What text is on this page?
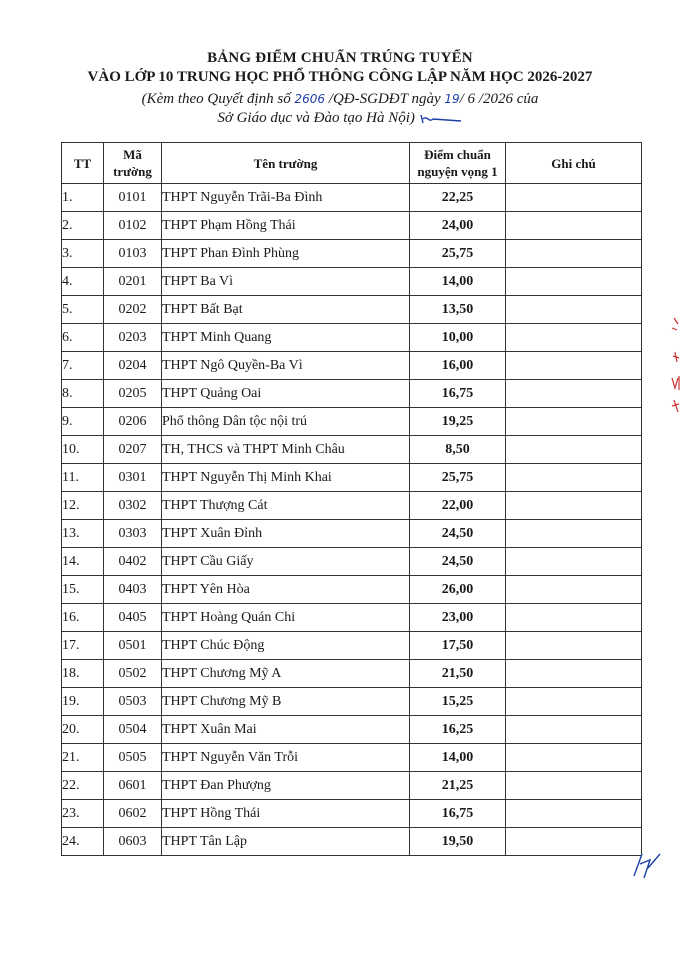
BẢNG ĐIỂM CHUẨN TRÚNG TUYỂN
VÀO LỚP 10 TRUNG HỌC PHỔ THÔNG CÔNG LẬP NĂM HỌC 2026-2027
(Kèm theo Quyết định số 2606 /QĐ-SGDĐT ngày 19/ 6 /2026 của
Sở Giáo dục và Đào tạo Hà Nội)
TT	Mã trường	Tên trường	Điểm chuẩn nguyện vọng 1	Ghi chú
1.	0101	THPT Nguyễn Trãi-Ba Đình	22,25	
2.	0102	THPT Phạm Hồng Thái	24,00	
3.	0103	THPT Phan Đình Phùng	25,75	
4.	0201	THPT Ba Vì	14,00	
5.	0202	THPT Bất Bạt	13,50	
6.	0203	THPT Minh Quang	10,00	
7.	0204	THPT Ngô Quyền-Ba Vì	16,00	
8.	0205	THPT Quảng Oai	16,75	
9.	0206	Phổ thông Dân tộc nội trú	19,25	
10.	0207	TH, THCS và THPT Minh Châu	8,50	
11.	0301	THPT Nguyễn Thị Minh Khai	25,75	
12.	0302	THPT Thượng Cát	22,00	
13.	0303	THPT Xuân Đỉnh	24,50	
14.	0402	THPT Cầu Giấy	24,50	
15.	0403	THPT Yên Hòa	26,00	
16.	0405	THPT Hoàng Quán Chi	23,00	
17.	0501	THPT Chúc Động	17,50	
18.	0502	THPT Chương Mỹ A	21,50	
19.	0503	THPT Chương Mỹ B	15,25	
20.	0504	THPT Xuân Mai	16,25	
21.	0505	THPT Nguyễn Văn Trỗi	14,00	
22.	0601	THPT Đan Phượng	21,25	
23.	0602	THPT Hồng Thái	16,75	
24.	0603	THPT Tân Lập	19,50	
